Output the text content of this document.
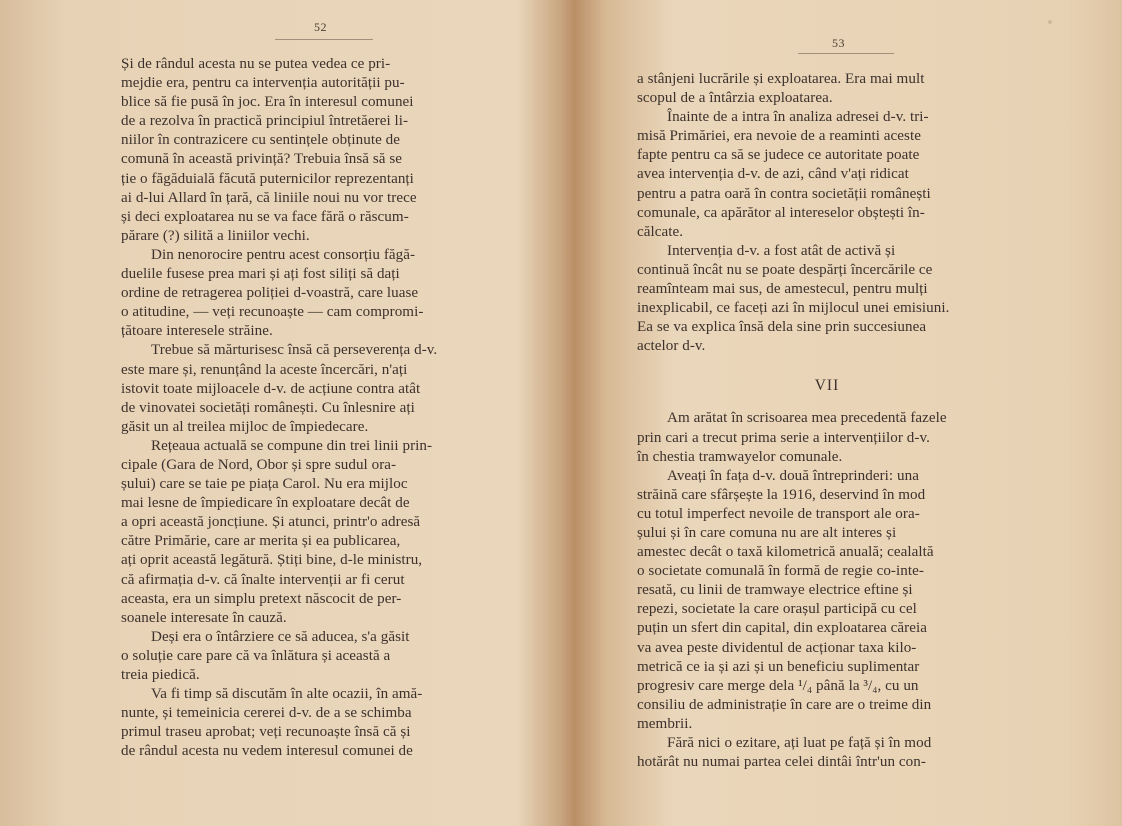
52
Și de rândul acesta nu se putea vedea ce pri-
mejdie era, pentru ca intervenția autorității pu-
blice să fie pusă în joc. Era în interesul comunei
de a rezolva în practică principiul întretăerei li-
niilor în contrazicere cu sentințele obținute de
comună în această privință? Trebuia însă să se
ție o făgăduială făcută puternicilor reprezentanți
ai d-lui Allard în țară, că liniile noui nu vor trece
și deci exploatarea nu se va face fără o răscum-
părare (?) silită a liniilor vechi.
Din nenorocire pentru acest consorțiu făgă-
duelile fusese prea mari și ați fost siliți să dați
ordine de retragerea poliției d-voastră, care luase
o atitudine, — veți recunoaște — cam compromi-
țătoare interesele străine.
Trebue să mărturisesc însă că perseverența d-v.
este mare și, renunțând la aceste încercări, n'ați
istovit toate mijloacele d-v. de acțiune contra atât
de vinovatei societăți românești. Cu înlesnire ați
găsit un al treilea mijloc de împiedecare.
Rețeaua actuală se compune din trei linii prin-
cipale (Gara de Nord, Obor și spre sudul ora-
șului) care se taie pe piața Carol. Nu era mijloc
mai lesne de împiedicare în exploatare decât de
a opri această joncțiune. Și atunci, printr'o adresă
către Primărie, care ar merita și ea publicarea,
ați oprit această legătură. Știți bine, d-le ministru,
că afirmația d-v. că înalte intervenții ar fi cerut
aceasta, era un simplu pretext născocit de per-
soanele interesate în cauză.
Deși era o întârziere ce să aducea, s'a găsit
o soluție care pare că va înlătura și această a
treia piedică.
Va fi timp să discutăm în alte ocazii, în amă-
nunte, și temeinicia cererei d-v. de a se schimba
primul traseu aprobat; veți recunoaște însă că și
de rândul acesta nu vedem interesul comunei de
53
a stânjeni lucrările și exploatarea. Era mai mult
scopul de a întârzia exploatarea.
Înainte de a intra în analiza adresei d-v. tri-
misă Primăriei, era nevoie de a reaminti aceste
fapte pentru ca să se judece ce autoritate poate
avea intervenția d-v. de azi, când v'ați ridicat
pentru a patra oară în contra societății românești
comunale, ca apărător al intereselor obștești în-
călcate.
Intervenția d-v. a fost atât de activă și
continuă încât nu se poate despărți încercările ce
reamînteam mai sus, de amestecul, pentru mulți
inexplicabil, ce faceți azi în mijlocul unei emisiuni.
Ea se va explica însă dela sine prin succesiunea
actelor d-v.
VII
Am arătat în scrisoarea mea precedentă fazele
prin cari a trecut prima serie a intervențiilor d-v.
în chestia tramwayelor comunale.
Aveați în fața d-v. două întreprinderi: una
străină care sfârșește la 1916, deservind în mod
cu totul imperfect nevoile de transport ale ora-
șului și în care comuna nu are alt interes și
amestec decât o taxă kilometrică anuală; cealaltă
o societate comunală în formă de regie co-inte-
resată, cu linii de tramwaye electrice eftine și
repezi, societate la care orașul participă cu cel
puțin un sfert din capital, din exploatarea căreia
va avea peste dividentul de acționar taxa kilo-
metrică ce ia și azi și un beneficiu suplimentar
progresiv care merge dela ¹/₄ până la ³/₄, cu un
consiliu de administrație în care are o treime din
membrii.
Fără nici o ezitare, ați luat pe față și în mod
hotărât nu numai partea celei dintâi într'un con-
